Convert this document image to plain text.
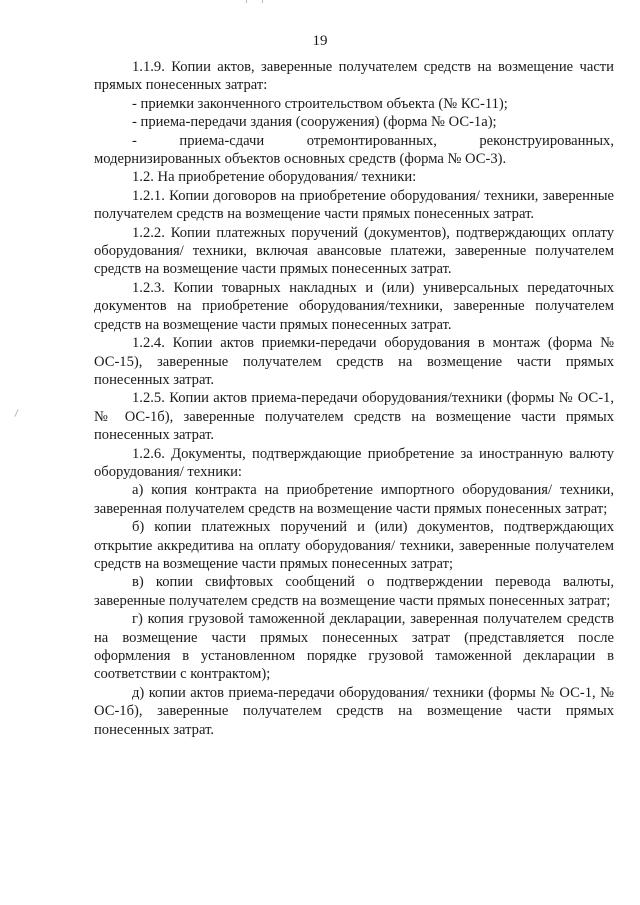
19

1.1.9. Копии актов, заверенные получателем средств на возмещение части прямых понесенных затрат:

- приемки законченного строительством объекта (№ КС-11);

- приема-передачи здания (сооружения) (форма № ОС-1а);

- приема-сдачи отремонтированных, реконструированных, модернизированных объектов основных средств (форма № ОС-3).

1.2. На приобретение оборудования/ техники:

1.2.1. Копии договоров на приобретение оборудования/ техники, заверенные получателем средств на возмещение части прямых понесенных затрат.

1.2.2. Копии платежных поручений (документов), подтверждающих оплату оборудования/ техники, включая авансовые платежи, заверенные получателем средств на возмещение части прямых понесенных затрат.

1.2.3. Копии товарных накладных и (или) универсальных передаточных документов на приобретение оборудования/техники, заверенные получателем средств на возмещение части прямых понесенных затрат.

1.2.4. Копии актов приемки-передачи оборудования в монтаж (форма № ОС-15), заверенные получателем средств на возмещение части прямых понесенных затрат.

1.2.5. Копии актов приема-передачи оборудования/техники (формы № ОС-1, № ОС-1б), заверенные получателем средств на возмещение части прямых понесенных затрат.

1.2.6. Документы, подтверждающие приобретение за иностранную валюту оборудования/ техники:

а) копия контракта на приобретение импортного оборудования/ техники, заверенная получателем средств на возмещение части прямых понесенных затрат;

б) копии платежных поручений и (или) документов, подтверждающих открытие аккредитива на оплату оборудования/ техники, заверенные получателем средств на возмещение части прямых понесенных затрат;

в) копии свифтовых сообщений о подтверждении перевода валюты, заверенные получателем средств на возмещение части прямых понесенных затрат;

г) копия грузовой таможенной декларации, заверенная получателем средств на возмещение части прямых понесенных затрат (представляется после оформления в установленном порядке грузовой таможенной декларации в соответствии с контрактом);

д) копии актов приема-передачи оборудования/ техники (формы № ОС-1, № ОС-1б), заверенные получателем средств на возмещение части прямых понесенных затрат.
